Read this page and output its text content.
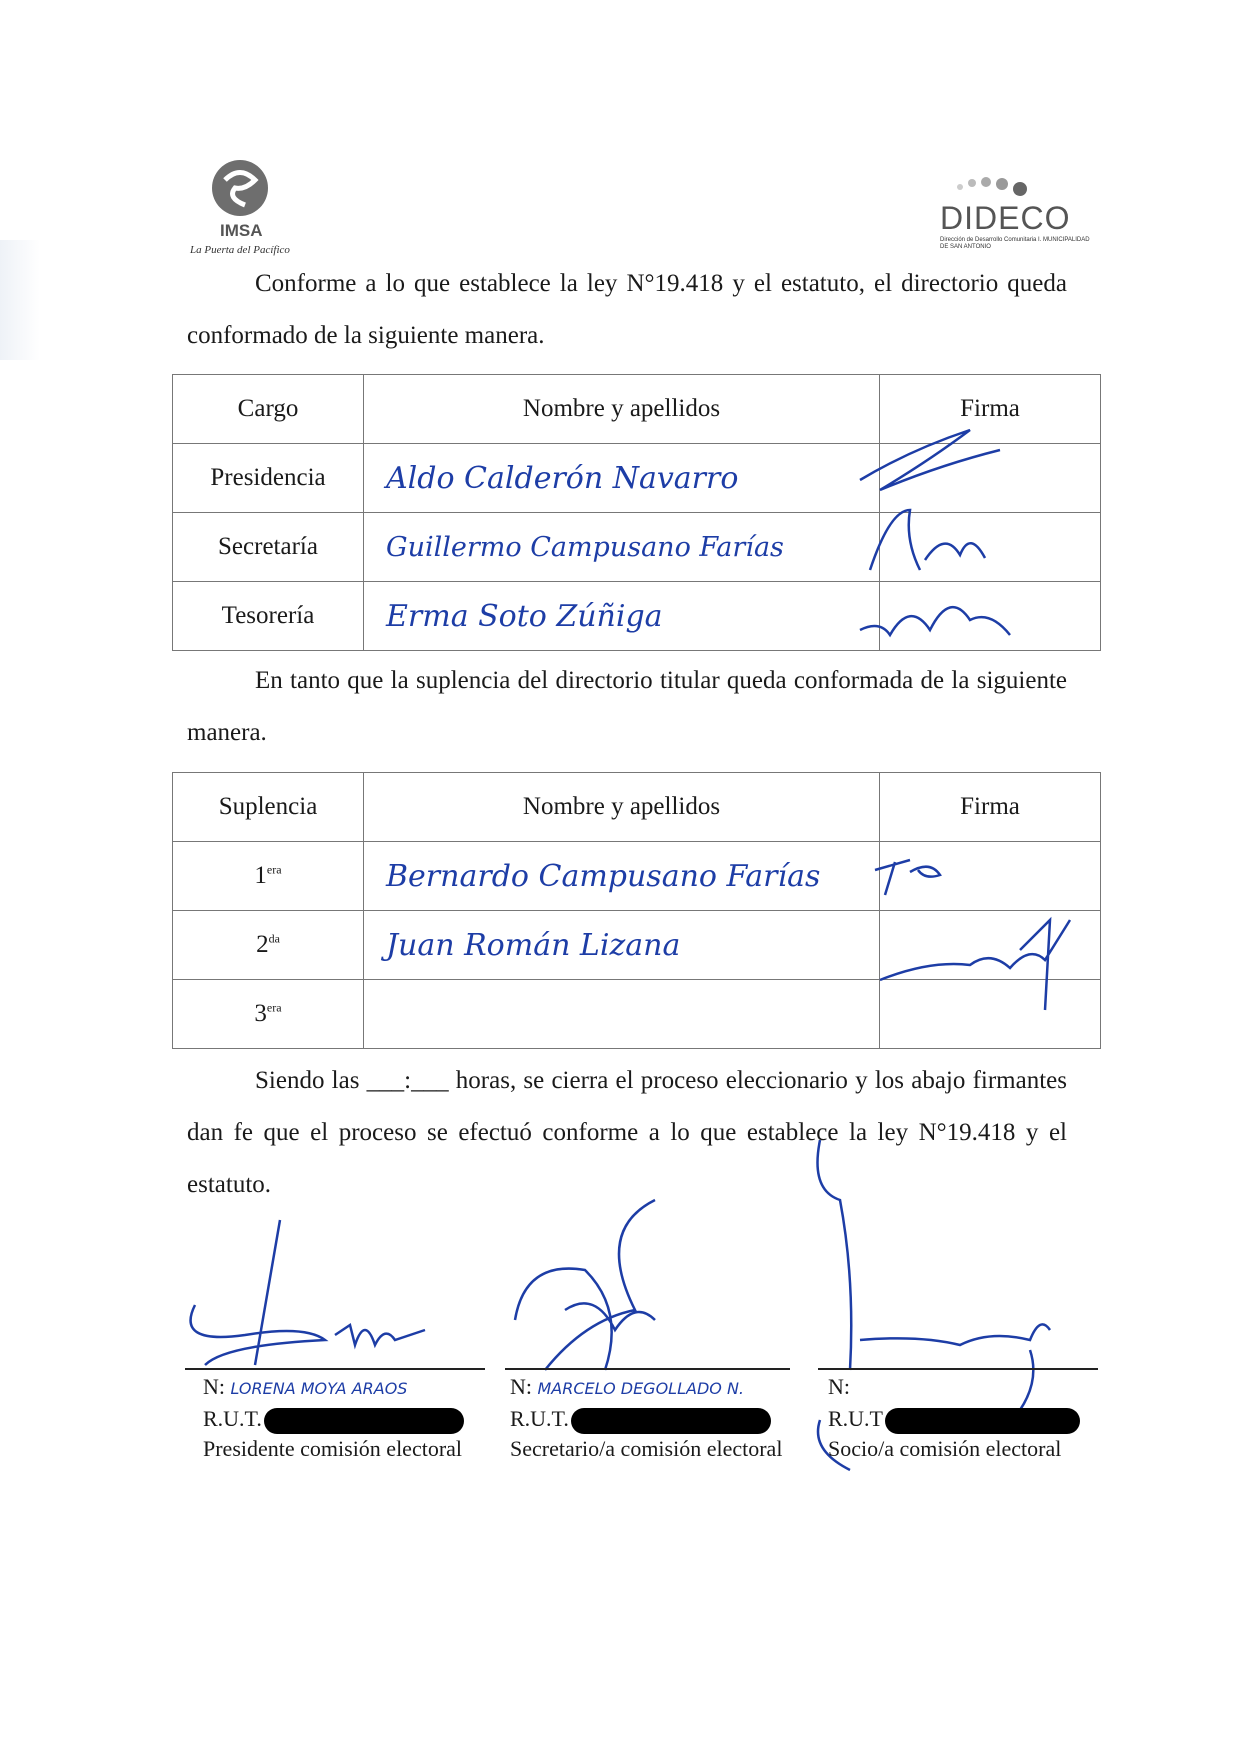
IMSA
La Puerta del Pacífico
DIDECO
Dirección de Desarrollo Comunitaria I. MUNICIPALIDAD DE SAN ANTONIO
Conforme a lo que establece la ley N°19.418 y el estatuto, el directorio queda conformado de la siguiente manera.
Cargo	Nombre y apellidos	Firma
Presidencia	Aldo Calderón Navarro	
Secretaría	Guillermo Campusano Farías	
Tesorería	Erma Soto Zúñiga	
En tanto que la suplencia del directorio titular queda conformada de la siguiente manera.
Suplencia	Nombre y apellidos	Firma
$1^{era}$	Bernardo Campusano Farías	
$2^{da}$	Juan Román Lizana	
$3^{era}$		
Siendo las ___:___ horas, se cierra el proceso eleccionario y los abajo firmantes dan fe que el proceso se efectuó conforme a lo que establece la ley N°19.418 y el estatuto.
N: LORENA MOYA ARAOS
R.U.T.
Presidente comisión electoral
N: MARCELO DEGOLLADO N.
R.U.T.
Secretario/a comisión electoral
N:
R.U.T
Socio/a comisión electoral
